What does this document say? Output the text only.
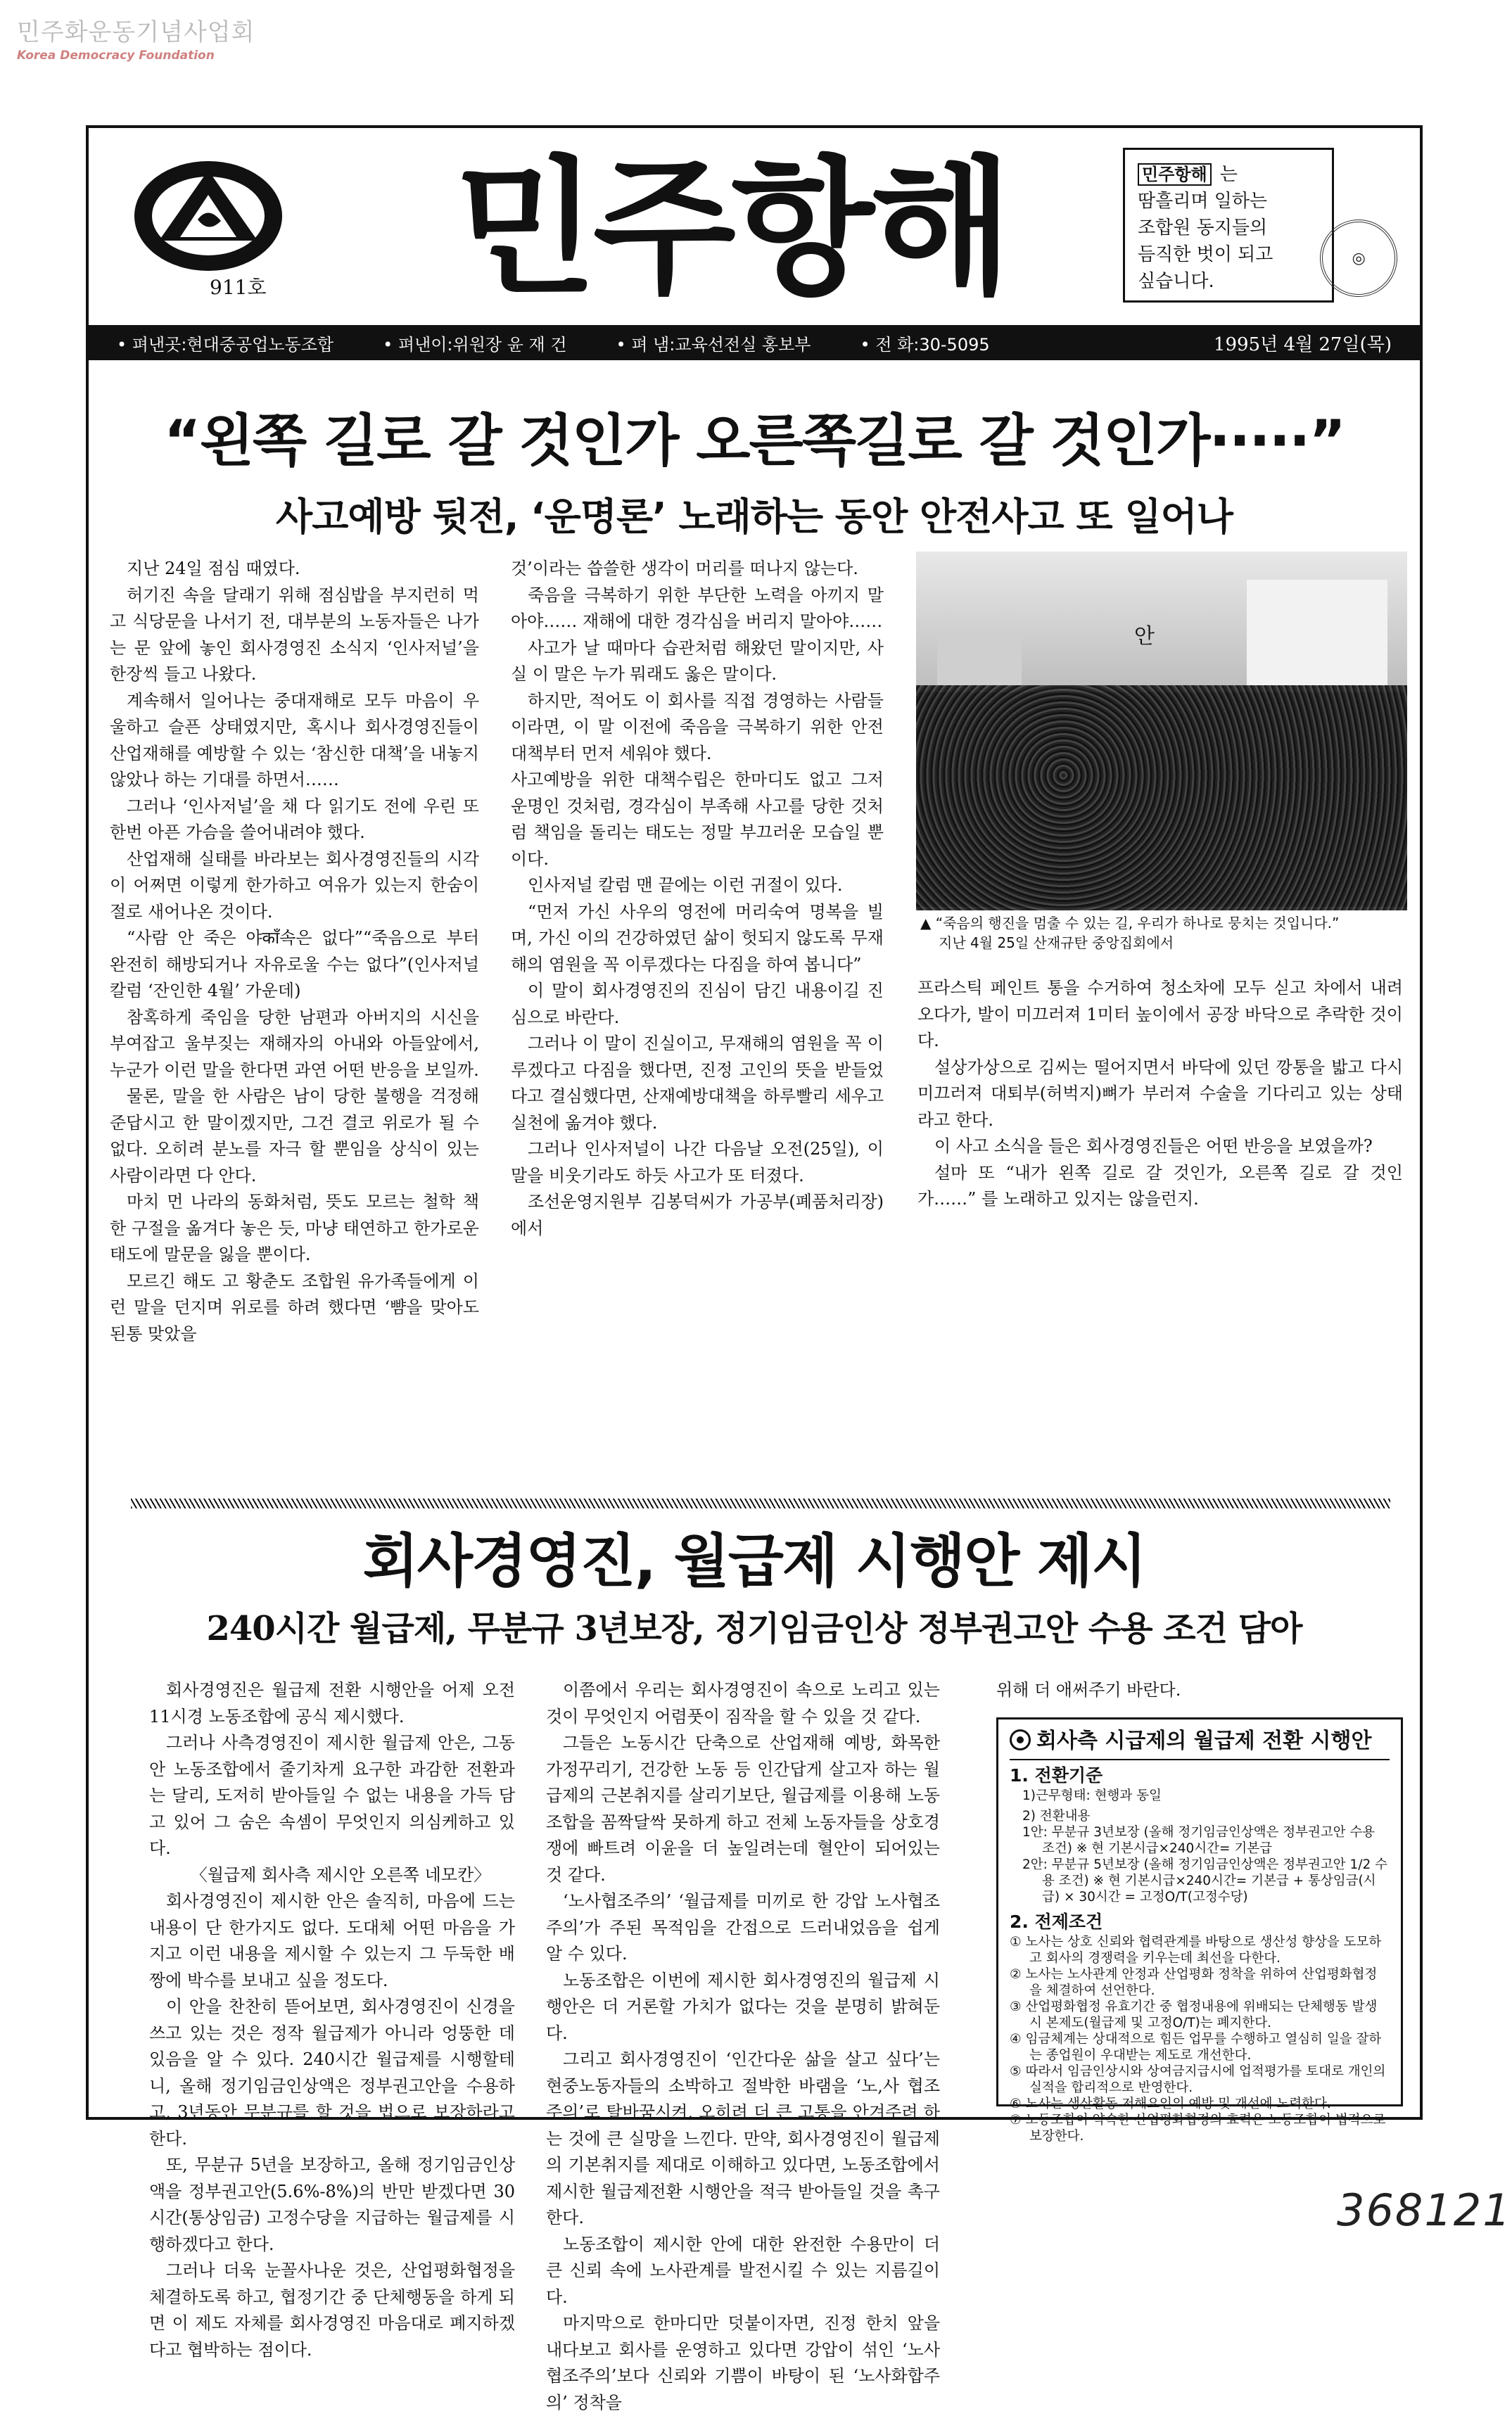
민주화운동기념사업회
Korea Democracy Foundation
911호 민주항해	민주항해 는
땀흘리며 일하는
조합원 동지들의
듬직한 벗이 되고
싶습니다.
◎
• 펴낸곳:현대중공업노동조합	• 펴낸이:위원장 윤 재 건	• 펴 냄:교육선전실 홍보부	• 전 화:30-5095	1995년 4월 27일(목)
“왼쪽 길로 갈 것인가 오른쪽길로 갈 것인가·····”
사고예방 뒷전, ‘운명론’ 노래하는 동안 안전사고 또 일어나

지난 24일 점심 때였다.

허기진 속을 달래기 위해 점심밥을 부지런히 먹고 식당문을 나서기 전, 대부분의 노동자들은 나가는 문 앞에 놓인 회사경영진 소식지 ‘인사저널’을 한장씩 들고 나왔다.

계속해서 일어나는 중대재해로 모두 마음이 우울하고 슬픈 상태였지만, 혹시나 회사경영진들이 산업재해를 예방할 수 있는 ‘참신한 대책’을 내놓지 않았나 하는 기대를 하면서……

그러나 ‘인사저널’을 채 다 읽기도 전에 우린 또 한번 아픈 가슴을 쓸어내려야 했다.

산업재해 실태를 바라보는 회사경영진들의 시각이 어쩌면 이렇게 한가하고 여유가 있는지 한숨이 절로 새어나온 것이다.

“사람 안 죽은 야काँ속은 없다”“죽음으로 부터 완전히 해방되거나 자유로울 수는 없다”(인사저널 칼럼 ‘잔인한 4월’ 가운데)

참혹하게 죽임을 당한 남편과 아버지의 시신을 부여잡고 울부짖는 재해자의 아내와 아들앞에서, 누군가 이런 말을 한다면 과연 어떤 반응을 보일까.

물론, 말을 한 사람은 남이 당한 불행을 걱정해 준답시고 한 말이겠지만, 그건 결코 위로가 될 수 없다. 오히려 분노를 자극 할 뿐임을 상식이 있는 사람이라면 다 안다.

마치 먼 나라의 동화처럼, 뜻도 모르는 철학 책 한 구절을 옮겨다 놓은 듯, 마냥 태연하고 한가로운 태도에 말문을 잃을 뿐이다.

모르긴 해도 고 황춘도 조합원 유가족들에게 이런 말을 던지며 위로를 하려 했다면 ‘뺨을 맞아도 된통 맞았을

것’이라는 씁쓸한 생각이 머리를 떠나지 않는다.

죽음을 극복하기 위한 부단한 노력을 아끼지 말아야…… 재해에 대한 경각심을 버리지 말아야……

사고가 날 때마다 습관처럼 해왔던 말이지만, 사실 이 말은 누가 뭐래도 옳은 말이다.

하지만, 적어도 이 회사를 직접 경영하는 사람들이라면, 이 말 이전에 죽음을 극복하기 위한 안전 대책부터 먼저 세워야 했다.

사고예방을 위한 대책수립은 한마디도 없고 그저 운명인 것처럼, 경각심이 부족해 사고를 당한 것처럼 책임을 돌리는 태도는 정말 부끄러운 모습일 뿐이다.

인사저널 칼럼 맨 끝에는 이런 귀절이 있다.

“먼저 가신 사우의 영전에 머리숙여 명복을 빌며, 가신 이의 건강하였던 삶이 헛되지 않도록 무재해의 염원을 꼭 이루겠다는 다짐을 하여 봅니다”

이 말이 회사경영진의 진심이 담긴 내용이길 진심으로 바란다.

그러나 이 말이 진실이고, 무재해의 염원을 꼭 이루겠다고 다짐을 했다면, 진정 고인의 뜻을 받들었다고 결심했다면, 산재예방대책을 하루빨리 세우고 실천에 옮겨야 했다.

그러나 인사저널이 나간 다음날 오전(25일), 이 말을 비웃기라도 하듯 사고가 또 터졌다.

조선운영지원부 김봉덕씨가 가공부(폐품처리장)에서

안
▲ “죽음의 행진을 멈출 수 있는 길, 우리가 하나로 뭉치는 것입니다.”
지난 4월 25일 산재규탄 중앙집회에서

프라스틱 페인트 통을 수거하여 청소차에 모두 싣고 차에서 내려 오다가, 발이 미끄러져 1미터 높이에서 공장 바닥으로 추락한 것이다.

설상가상으로 김씨는 떨어지면서 바닥에 있던 깡통을 밟고 다시 미끄러져 대퇴부(허벅지)뼈가 부러져 수술을 기다리고 있는 상태라고 한다.

이 사고 소식을 들은 회사경영진들은 어떤 반응을 보였을까?

설마 또 “내가 왼쪽 길로 갈 것인가, 오른쪽 길로 갈 것인가……” 를 노래하고 있지는 않을런지.

회사경영진, 월급제 시행안 제시
240시간 월급제, 무분규 3년보장, 정기임금인상 정부권고안 수용 조건 담아

회사경영진은 월급제 전환 시행안을 어제 오전11시경 노동조합에 공식 제시했다.

그러나 사측경영진이 제시한 월급제 안은, 그동안 노동조합에서 줄기차게 요구한 과감한 전환과는 달리, 도저히 받아들일 수 없는 내용을 가득 담고 있어 그 숨은 속셈이 무엇인지 의심케하고 있다.

〈월급제 회사측 제시안 오른쪽 네모칸〉

회사경영진이 제시한 안은 솔직히, 마음에 드는 내용이 단 한가지도 없다. 도대체 어떤 마음을 가지고 이런 내용을 제시할 수 있는지 그 두둑한 배짱에 박수를 보내고 싶을 정도다.

이 안을 찬찬히 뜯어보면, 회사경영진이 신경을 쓰고 있는 것은 정작 월급제가 아니라 엉뚱한 데 있음을 알 수 있다. 240시간 월급제를 시행할테니, 올해 정기임금인상액은 정부권고안을 수용하고, 3년동안 무분규를 할 것을 법으로 보장하라고 한다.

또, 무분규 5년을 보장하고, 올해 정기임금인상액을 정부권고안(5.6%-8%)의 반만 받겠다면 30시간(통상임금) 고정수당을 지급하는 월급제를 시행하겠다고 한다.

그러나 더욱 눈꼴사나운 것은, 산업평화협정을 체결하도록 하고, 협정기간 중 단체행동을 하게 되면 이 제도 자체를 회사경영진 마음대로 폐지하겠다고 협박하는 점이다.

이쯤에서 우리는 회사경영진이 속으로 노리고 있는 것이 무엇인지 어렴풋이 짐작을 할 수 있을 것 같다.

그들은 노동시간 단축으로 산업재해 예방, 화목한 가정꾸리기, 건강한 노동 등 인간답게 살고자 하는 월급제의 근본취지를 살리기보단, 월급제를 이용해 노동조합을 꼼짝달싹 못하게 하고 전체 노동자들을 상호경쟁에 빠트려 이윤을 더 높일려는데 혈안이 되어있는 것 같다.

‘노사협조주의’ ‘월급제를 미끼로 한 강압 노사협조주의’가 주된 목적임을 간접으로 드러내었음을 쉽게 알 수 있다.

노동조합은 이번에 제시한 회사경영진의 월급제 시행안은 더 거론할 가치가 없다는 것을 분명히 밝혀둔다.

그리고 회사경영진이 ‘인간다운 삶을 살고 싶다’는 현중노동자들의 소박하고 절박한 바램을 ‘노,사 협조주의’로 탈바꿈시켜, 오히려 더 큰 고통을 안겨주려 하는 것에 큰 실망을 느낀다. 만약, 회사경영진이 월급제의 기본취지를 제대로 이해하고 있다면, 노동조합에서 제시한 월급제전환 시행안을 적극 받아들일 것을 촉구한다.

노동조합이 제시한 안에 대한 완전한 수용만이 더 큰 신뢰 속에 노사관계를 발전시킬 수 있는 지름길이다.

마지막으로 한마디만 덧붙이자면, 진정 한치 앞을 내다보고 회사를 운영하고 있다면 강압이 섞인 ‘노사협조주의’보다 신뢰와 기쁨이 바탕이 된 ‘노사화합주의’ 정착을

위해 더 애써주기 바란다.

회사측 시급제의 월급제 전환 시행안
1. 전환기준
1)근무형태: 현행과 동일
2) 전환내용
1안: 무분규 3년보장 (올해 정기임금인상액은 정부권고안 수용 조건) ※ 현 기본시급×240시간= 기본급
2안: 무분규 5년보장 (올해 정기임금인상액은 정부권고안 1/2 수용 조건) ※ 현 기본시급×240시간= 기본급 + 통상임금(시급) × 30시간 = 고정O/T(고정수당)
2. 전제조건
① 노사는 상호 신뢰와 협력관계를 바탕으로 생산성 향상을 도모하고 회사의 경쟁력을 키우는데 최선을 다한다.
② 노사는 노사관계 안정과 산업평화 정착을 위하여 산업평화협정을 체결하여 선언한다.
③ 산업평화협정 유효기간 중 협정내용에 위배되는 단체행동 발생시 본제도(월급제 및 고정O/T)는 폐지한다.
④ 임금체계는 상대적으로 힘든 업무를 수행하고 열심히 일을 잘하는 종업원이 우대받는 제도로 개선한다.
⑤ 따라서 임금인상시와 상여금지급시에 업적평가를 토대로 개인의 실적을 합리적으로 반영한다.
⑥ 노사는 생산활동 저해요인의 예방 및 개선에 노력한다.
⑦ 노동조합이 약속한 산업평화협정의 효력은 노동조합이 법적으로 보장한다.
368121
